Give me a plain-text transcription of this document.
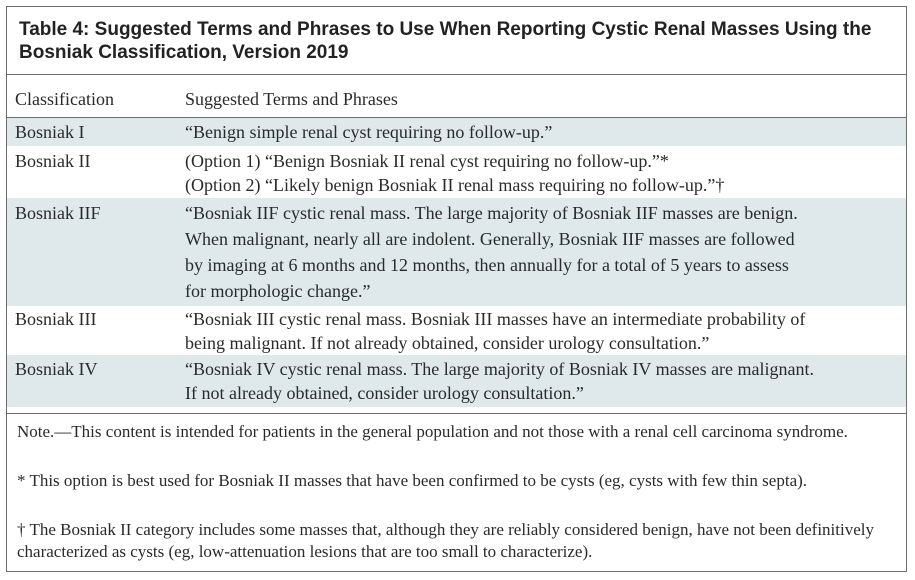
Table 4: Suggested Terms and Phrases to Use When Reporting Cystic Renal Masses Using the Bosniak Classification, Version 2019
Classification	Suggested Terms and Phrases
Bosniak I	“Benign simple renal cyst requiring no follow-up.”
Bosniak II	(Option 1) “Benign Bosniak II renal cyst requiring no follow-up.”*
(Option 2) “Likely benign Bosniak II renal mass requiring no follow-up.”†
Bosniak IIF	“Bosniak IIF cystic renal mass. The large majority of Bosniak IIF masses are benign.
When malignant, nearly all are indolent. Generally, Bosniak IIF masses are followed
by imaging at 6 months and 12 months, then annually for a total of 5 years to assess
for morphologic change.”
Bosniak III	“Bosniak III cystic renal mass. Bosniak III masses have an intermediate probability of
being malignant. If not already obtained, consider urology consultation.”
Bosniak IV	“Bosniak IV cystic renal mass. The large majority of Bosniak IV masses are malignant.
If not already obtained, consider urology consultation.”
Note.—This content is intended for patients in the general population and not those with a renal cell carcinoma syndrome.
* This option is best used for Bosniak II masses that have been confirmed to be cysts (eg, cysts with few thin septa).
† The Bosniak II category includes some masses that, although they are reliably considered benign, have not been definitively characterized as cysts (eg, low-attenuation lesions that are too small to characterize).
